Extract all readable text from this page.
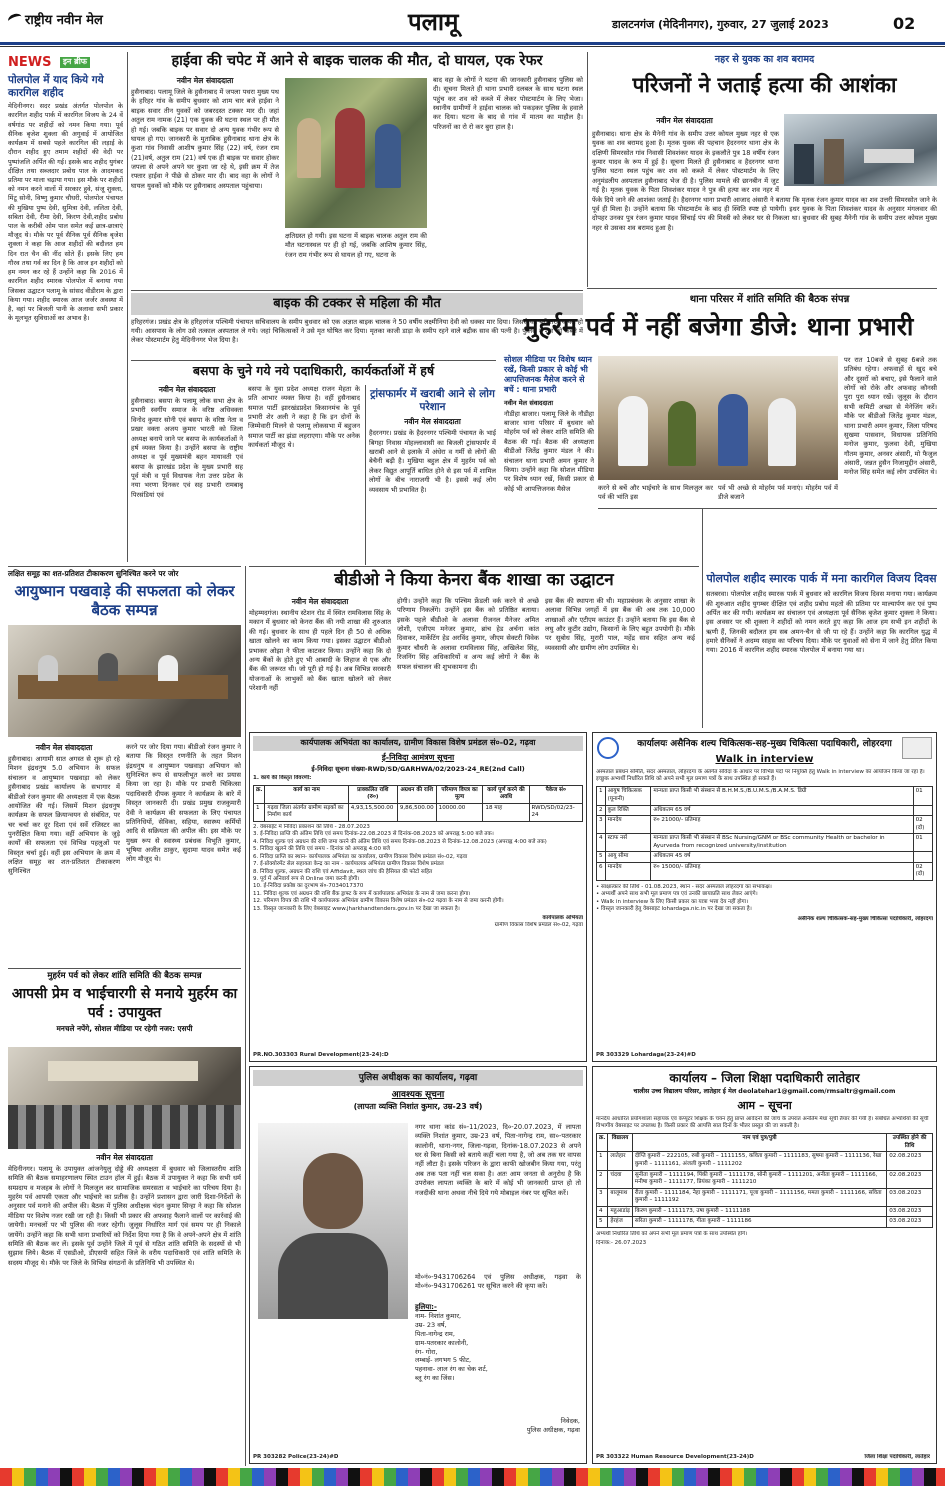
राष्ट्रीय नवीन मेल	पलामू	डालटनगंज (मेदिनीनगर), गुरुवार, 27 जुलाई 2023	02
NEWS	इन ब्रीफ
पोलपोल में याद किये गये कारगिल शहीद
मेदिनीनगर। सदर प्रखंड अंतर्गत पोलपोल के कारगिल शहीद पार्क में कारगिल विजय के 24 वें वर्षगांठ पर शहीदों को नमन किया गया। पूर्व सैनिक बृजेश शुक्ला की अगुवाई में आयोजित कार्यक्रम में सबसे पहले कारगिल की लड़ाई के दौरान शहीद हुए तमाम शहीदों की वेदी पर पुष्पांजलि अर्पित की गई। इसके बाद शहीद युगंबर दीक्षित तथा सब्जदार प्रबोध पाल के आदमकद प्रतिमा पर माला चढ़ाया गया। इस मौके पर शहीदों को नमन करने वालों में सरकार हुवे, संजू शुक्ला, मिंटू सोनी, विष्णु कुमार चौधरी, पोलपोल पंचायत की मुखिया पुष्प देवी, सुमित्रा देवी, ललिता देवी, सबिता देवी, रीमा देवी, किरण देवी,शहीद प्रबोध पाल के करीबी ओम पाल समेत कई छात्र-छात्राएं मौजूद थे। मौके पर पूर्व सैनिक पूर्व सैनिक बृजेश शुक्ला ने कहा कि आज शहीदों की बदौलत हम दिन रात चैन की नींद सोते हैं। इसके लिए हम गौरव तथा गर्व का दिन है कि आज इन शहीदों को हम नमन कर रहे हैं उन्होंने कहा कि 2016 में कारगिल शहीद स्मारक पोलपोल में बनाया गया जिसका उद्घाटन पलामू के सांसद वीडीराम के द्वारा किया गया। शहीद स्मारक आज जर्जर अवस्था में है, वहां पर बिजली पानी के अलावा सभी प्रकार के मूलभूत सुविधाओं का अभाव है।
हाईवा की चपेट में आने से बाइक चालक की मौत, दो घायल, एक रेफर
नवीन मेल संवाददाता
हुसैनाबाद। पलामू जिले के हुसैनाबाद में जपला पथरा मुख्य पथ के हरिहर गांव के समीप बुधवार को शाम चार बजे हाईवा ने बाइक सवार तीन युवकों को जबरदस्त टक्कर मार दी। जहां अतुल राम नामक (21) एक युवक की घटना स्थल पर ही मौत हो गई। जबकि बाइक पर सवार दो अन्य युवक गंभीर रूप से घायल हो गए। जानकारी के मुताबिक हुसैनाबाद थाना क्षेत्र के कुशा गांव निवासी आशीष कुमार सिंह (22) वर्ष, रंजन राम (21)वर्ष, अतुल राम (21) वर्ष एक ही बाइक पर सवार होकर जपला से अपने अपने घर कुशा जा रहे थे, इसी क्रम में तेज रफ्तार हाईवा ने पीछे से ठोकर मार दी। बाद वहा के लोगों ने घायल युवकों को मौके पर हुसैनाबाद अस्पताल पहुंचाया।
क्षतिग्रस्त हो गयी। इस घटना में बाइक चालक अतुल राम की मौत घटनास्थल पर ही हो गई, जबकि आशिष कुमार सिंह, रंजन राम गंभीर रूप से घायल हो गए, घटना के
बाद वहा के लोगों ने घटना की जानकारी हुसैनाबाद पुलिस को दी। सूचना मिलते ही थाना प्रभारी दलबल के साथ घटना स्थल पहुंच कर शव को कब्जे में लेकर पोस्टमार्टम के लिए भेजा। स्थानीय ग्रामीणों ने हाईवा चालक को पकड़कर पुलिस के हवाले कर दिया। घटना के बाद से गांव में मातम का माहौल है। परिजनों का रो रो कर बुरा हाल है।
नहर से युवक का शव बरामद
परिजनों ने जताई हत्या की आशंका
नवीन मेल संवाददाता
हुसैनाबाद। थाना क्षेत्र के मैनेनी गांव के समीप उत्तर कोयल मुख्य नहर से एक युवक का शव बरामद हुआ है। मृतक युवक की पहचान हैदरनगर थाना क्षेत्र के दक्षिणी सिमरसोत गांव निवासी शिवशंकर यादव के इकलौते पुत्र 18 वर्षीय रंजन कुमार यादव के रूप में हुई है। सूचना मिलते ही हुसैनाबाद व हैदरनगर थाना पुलिस घटना स्थल पहुंच कर शव को कब्जे में लेकर पोस्टमार्टम के लिए अनुमंडलीय अस्पताल हुसैनाबाद भेज दी है। पुलिस मामले की छानबीन में जुट गई है। मृतक युवक के पिता शिवशंकर यादव ने पुत्र की हत्या कर शव नहर में फेंके दिये जाने की आशंका जताई है। हैदरनगर थाना प्रभारी आजाद अंसारी ने बताया कि मृतक रंजन कुमार यादव का शव उत्तरी सिमरसोत जाने के पूर्व ही मिला है। उन्होंने बताया कि पोस्टमार्टम के बाद ही स्थिति स्पष्ट हो पायेगी। इधर युवक के पिता शिवशंकर यादव के अनुसार मंगलवार की दोपहर उनका पुत्र रंजन कुमार यादव सिंचाई पंप की मिस्त्री को लेकर घर से निकला था। बुधवार की सुबह मैनेनी गांव के समीप उत्तर कोयल मुख्य नहर से उसका शव बरामद हुआ है।
बाइक की टक्कर से महिला की मौत
हरिहरगंज। प्रखंड क्षेत्र के हरिहरगंज पश्चिमी पंचायत सचिवालय के समीप बुधवार को एक अज्ञात बाइक चालक ने 50 वर्षीय लक्ष्मीनिया देवी को धक्का मार दिया। जिससे वह बुरी तरह घायल हो गयी। आसपास के लोग उसे तत्काल अस्पताल ले गये। जहां चिकित्सकों ने उसे मृत घोषित कर दिया। मृतका काजी डाड़ा के समीप रहने वाले बद्रीक साव की पत्नी है। पुलिस ने शव को कब्जे में लेकर पोस्टमार्टम हेतु मेदिनीनगर भेज दिया है।
थाना परिसर में शांति समिति की बैठक संपन्न
मुहर्रम पर्व में नहीं बजेगा डीजे: थाना प्रभारी
सोशल मीडिया पर विशेष ध्यान रखें, किसी प्रकार से कोई भी आपत्तिजनक मैसेज करने से बचें : थाना प्रभारी
नवीन मेल संवाददाता
नौडीहा बाजार। पलामू जिले के नौडीहा बाजार थाना परिसर में बुधवार को मोहर्रम पर्व को लेकर शांति समिति की बैठक की गई। बैठक की अध्यक्षता बीडीओ जितेंद्र कुमार मंडल ने की। संचालन थाना प्रभारी अमन कुमार ने किया। उन्होंने कहा कि सोशल मीडिया पर विशेष ध्यान रखें, किसी प्रकार से कोई भी आपत्तिजनक मैसेज	करने से बचें और भाईचारे के साथ मिलजुल कर पर्व की भांति इस
पर्व भी अच्छे से मोहर्रम पर्व मनाएं। मोहर्रम पर्व में डीजे बजाने
पर रात 10बजे से सुबह 6बजे तक प्रतिबंध रहेगा। अफवाहों से खुद बचे और दूसरों को बचाए, इसे फैलाने वाले लोगों को रोके और अफवाह कौनसी पुरा पुरा ध्यान रखें। जुलूस के दौरान सभी कमिटी अच्छा से मेनेजिंग करें। मौके पर बीडीओ जितेंद्र कुमार मंडल, थाना प्रभारी अमन कुमार, जिला परिषद सुखमा पासवान, विधायक प्रतिनिधि मनोज कुमार, फुलवा देवी, मुखिया गौतम कुमार, अनवर अंसारी, मो फैजुल अंसारी, जन्नत हुसैन निजामुद्दीन अंसारी, मनोज सिंह समेत कई लोग उपस्थित थे।
बसपा के चुने गये नये पदाधिकारी, कार्यकर्ताओं में हर्ष
नवीन मेल संवाददाता
हुसैनाबाद। बसपा के पलामू लोक सभा क्षेत्र के प्रभारी स्वर्गीय समाज के वरिष्ठ अधिवक्ता विनोद कुमार सोनी एवं बसपा के वरिष्ठ नेता व प्रखर वक्ता अजय कुमार भारती को जिला अध्यक्ष बनाये जाने पर बसपा के कार्यकर्ताओं ने हर्ष व्यक्त किया है। उन्होंने बसपा के राष्ट्रीय अध्यक्ष व पूर्व मुख्यमंत्री बहन मायावती एवं बसपा के झारखंड प्रदेश के मुख्य प्रभारी सह पूर्व मंत्री व पूर्व विधायक नेता उत्तर प्रदेश के नया भरणा दिनकर एवं सह प्रभारी रामबाबू पिरसंडियां एवं
बसपा के युवा प्रदेश अध्यक्ष राजन मेहता के प्रति आभार व्यक्त किया है। वहीं हुसैनाबाद समाज पार्टी झारखंडप्रदेश किसानमंच के पूर्व प्रभारी शेर अली ने कहा है कि इन दोनों के जिम्मेवारी मिलने से पलामू लोकसभा में बहुजन समाज पार्टी का झंडा लहराएगा। मौके पर अनेक कार्यकर्ता मौजूद थे।
ट्रांसफार्मर में खराबी आने से लोग परेशान
नवीन मेल संवाददाता
हैदरनगर। प्रखंड के हैदरनगर पश्चिमी पंचायत के भाई बिगहा निवास मोहल्लावासी का बिजली ट्रांसफार्मर में खराबी आने से इलाके में अंधेरा व गर्मी से लोगों की बेचैनी बढ़ी है। मुखिया बहुल क्षेत्र में मुहर्रम पर्व को लेकर विद्युत आपूर्ति बाधित होने से इस पर्व में शामिल लोगों के बीच नाराजगी भी है। इससे कई लोग व्यवसाय भी प्रभावित है।
लक्षित समूह का शत-प्रतिशत टीकाकरण सुनिश्चित करने पर जोर
आयुष्मान पखवाड़े की सफलता को लेकर बैठक सम्पन्न
नवीन मेल संवाददाता
हुसैनाबाद। आगामी सात अगस्त से शुरू हो रहे मिशन इंद्रधनुष 5.0 अभियान के सफल संचालन व आयुष्मान पखवाड़ा को लेकर हुसैनाबाद प्रखंड कार्यालय के सभागार में बीडीओ रंजन कुमार की अध्यक्षता में एक बैठक आयोजित की गई। जिसमें मिशन इंद्रधनुष कार्यक्रम के सफल क्रियान्वयन से संबंधित, पर चर चर्चा कर दूर दिशा एवं सर्वे रजिस्टर का पुनरीक्षित किया गया। वहीं अभियान के जुड़े कार्यों की सफलता एवं विभिन्न पहलुओं पर विस्तृत चर्चा हुई। वहीं इस अभियान के क्रम में लक्षित समूह का शत-प्रतिशत टीकाकरण सुनिश्चित
करने पर जोर दिया गया। बीडीओ रंजन कुमार ने बताया कि विस्तृत रणनीति के तहत मिशन इंद्रधनुष व आयुष्मान पखवाड़ा अभियान को सुनिश्चित रूप से सफलीभूत करने का प्रयास किया जा रहा है। मौके पर प्रभारी चिकित्सा पदाधिकारी दीपक कुमार ने कार्यक्रम के बारे में विस्तृत जानकारी दी। प्रखंड प्रमुख राजकुमारी देवी ने कार्यक्रम की सफलता के लिए पंचायत प्रतिनिधियों, सेविका, सहिया, स्वास्थ्य कर्मियों आदि से सक्रियता की अपील की। इस मौके पर मुख्य रूप से स्वास्थ्य प्रबंधक विभूति कुमार, भूषिया अजीत ठाकुर, सुदामा यादव समेत कई लोग मौजूद थे।
बीडीओ ने किया केनरा बैंक शाखा का उद्घाटन
नवीन मेल संवाददाता
मोहम्मदगंज। स्थानीय स्टेशन रोड में स्थित रामविलास सिंह के मकान में बुधवार को केनरा बैंक की नयी शाखा की शुरुआत की गई। बुधवार के साथ ही पहले दिन ही 50 से अधिक खाता खोलने का काम किया गया। इसका उद्घाटन बीडीओ प्रभाकर ओझा ने फीता काटकर किया। उन्होंने कहा कि दो अन्य बैंकों के होते हुए भी आबादी के लिहाज से एक और बैंक की जरूरत थी। जो पूरी हो गई है। अब विभिन्न सरकारी योजनाओं के लाभुकों को बैंक खाता खोलने को लेकर परेशानी नहीं
होगी। उन्होंने कहा कि पश्चिम फ्रेंडली वर्क करने से अच्छे परिणाम निकलेंगे। उन्होंने इस बैंक को प्रतिष्ठित बताया। इसके पहले बीडीओ के अलावा रीजनल मैनेजर अमित जोशी, एजीएम मनेजर कुमार, ब्रांच हेड अर्चना कांत दिवाकर, मार्केटिंग हेड अरविंद कुमार, जीएम सेक्टरी विवेक कुमार चौधरी के अलावा रामविलास सिंह, अखिलेश सिंह, रिजनिंग सिंह अधिकारियों व अन्य कई लोगों ने बैंक के सफल संचालन की शुभकामना दी।
इस बैंक की स्थापना की थी। महाप्रबंधक के अनुसार शाखा के अलावा विभिन्न जगहों में इस बैंक की अब तक 10,000 शाखाओं और एटीएम काउंटर हैं। उन्होंने बताया कि इस बैंक से लघु और कुटीर उद्योग, किसानों के लिए बहुत उपयोगी है। मौके पर सुबोध सिंह, मुरारी पाल, महेंद्र साव सहित अन्य कई व्यवसायी और ग्रामीण लोग उपस्थित थे।
पोलपोल शहीद स्मारक पार्क में मना कारगिल विजय दिवस
सतबरवा। पोलपोल शहीद स्मारक पार्क में बुधवार को कारगिल विजय दिवस मनाया गया। कार्यक्रम की शुरुआत शहीद युगम्बर दीक्षित एवं शहीद प्रबोध महतो की प्रतिमा पर माल्यार्पण कर एवं पुष्प अर्पित कर की गयी। कार्यक्रम का संचालन एवं अध्यक्षता पूर्व सैनिक बृजेश कुमार शुक्ला ने किया। इस अवसर पर श्री शुक्ला ने शहीदों को नमन करते हुए कहा कि आज हम सभी इन शहीदों के ऋणी हैं, जिनकी बदौलत हम सब अमन-चैन से जी पा रहे हैं। उन्होंने कहा कि कारगिल युद्ध में हमारे सैनिकों ने अदम्य साहस का परिचय दिया। मौके पर युवाओं को सेना में जाने हेतु प्रेरित किया गया। 2016 में कारगिल शहीद स्मारक पोलपोल में बनाया गया था।
कार्यपालक अभियंता का कार्यालय, ग्रामीण विकास विशेष प्रमंडल सं०-02, गढ़वा
ई-निविदा आमंत्रण सूचना
ई-निविदा सूचना संख्या-RWD/SD/GARHWA/02/2023-24_RE(2nd Call)
1. कार्य की विस्तृत विवरणी:
क्र.	कार्य का नाम	प्राक्कलित राशि (रु०)	अग्रधन की राशि	परिमाण विपत्र का मूल्य	कार्य पूर्ण करने की अवधि	पैकेज सं०
1	गढ़वा जिला अंतर्गत ग्रामीण सड़कों का निर्माण कार्य	4,93,15,500.00	9,86,500.00	10000.00	18 माह	RWD/SD/02/23-24
2. वेबसाईट में निविदा प्रकाशन की तिथि - 28.07.2023
3. ई-निविदा प्राप्ति की अंतिम तिथि एवं समय दिनांक-22.08.2023 से दिनांक-08.2023 को अपराह्न 5:00 बजे तक।
4. निविदा शुल्क एवं अग्रधन की राशि जमा करने की अंतिम तिथि एवं समय दिनांक-08.2023 से दिनांक-12.08.2023 (अपराह्न 4:00 बजे तक)
5. निविदा खुलने की तिथि एवं समय - दिनांक को अपराह्न 4:00 बजे
6. निविदा प्राप्ति का स्थान- कार्यपालक अभियंता का कार्यालय, ग्रामीण विकास विशेष प्रमंडल सं०-02, गढ़वा
7. ई-प्रोक्योरमेंट सेल सहायता केन्द्र का नाम - कार्यपालक अभियंता ग्रामीण विकास विशेष प्रमंडल
8. निविदा शुल्क, अग्रधन की राशि एवं Affidavit, स्थल जांच की हैसियत की फोटो सहित
9. पूर्व में अनिवार्य रूप से Online जमा करनी होगी।
10. ई-निविदा प्रकोष्ठ का दूरभाष सं०-7034017370
11. निविदा शुल्क एवं अग्रधन की राशि बैंक ड्राफ्ट के रूप में कार्यपालक अभियंता के नाम से जमा करना होगा।
12. परिमाण विपत्र की राशि भी कार्यपालक अभियंता ग्रामीण विकास विशेष प्रमंडल सं०-02 गढ़वा के नाम से जमा करनी होगी।
13. विस्तृत जानकारी के लिए वेबसाइट www.jharkhandtenders.gov.in पर देखा जा सकता है।
कार्यपालक अभियंता
ग्रामीण विकास विशेष प्रमंडल सं०-02, गढ़वा
PR.NO.303303 Rural Development(23-24):D
कार्यालयः असैनिक शल्य चिकित्सक-सह-मुख्य चिकित्सा पदाधिकारी, लोहरदगा
Walk in interview
अस्पताल प्रबंधन समिति, सदर अस्पताल, लोहरदगा के अंतर्गत संविदा के आधार पर विभिन्न पदों पर नियुक्ति हेतु Walk in interview का आयोजन किया जा रहा है। इच्छुक अभ्यर्थी निर्धारित तिथि को अपने सभी मूल प्रमाण पत्रों के साथ उपस्थित हो सकते हैं।
1	आयुष चिकित्सक (यूनानी)	मान्यता प्राप्त किसी भी संस्थान से B.H.M.S./B.U.M.S./B.A.M.S. डिग्री	01
2	कुल रिक्ति	अधिकतम 65 वर्ष	
3	मानदेय	रु० 21000/- प्रतिमाह	02 (दो)
4	स्टाफ नर्स	मान्यता प्राप्त किसी भी संस्थान से BSc Nursing/GNM or BSc community Health or bachelor in Ayurveda from recognized university/institution	01
5	आयु सीमा	अधिकतम 45 वर्ष	
6	मानदेय	रु० 15000/- प्रतिमाह	02 (दो)
• साक्षात्कार की तिथि - 01.08.2023, स्थान - सदर अस्पताल लोहरदगा का सभाकक्ष।
• अभ्यर्थी अपने साथ सभी मूल प्रमाण पत्र एवं उनकी छायाप्रति साथ लेकर आएंगे।
• Walk in interview के लिए किसी प्रकार का यात्रा भत्ता देय नहीं होगा।
• विस्तृत जानकारी हेतु वेबसाइट lohardaga.nic.in पर देखा जा सकता है।
असैनिक शल्य चिकित्सक-सह-मुख्य चिकित्सा पदाधिकारी, लोहरदगा
PR 303329 Lohardaga(23-24)#D
मुहर्रम पर्व को लेकर शांति समिति की बैठक सम्पन्न
आपसी प्रेम व भाईचारगी से मनाये मुहर्रम का पर्व : उपायुक्त
मनचले नपेंगे, सोशल मीडिया पर रहेगी नजर: एसपी
नवीन मेल संवाददाता
मेदिनीनगर। पलामू के उपायुक्त आंजनेयुलु दोड्डे की अध्यक्षता में बुधवार को जिलास्तरीय शांति समिति की बैठक समाहरणालय स्थित टाउन हॉल में हुई। बैठक में उपायुक्त ने कहा कि सभी धर्म सम्प्रदाय व मजहब के लोगों ने मिलजुल कर सामाजिक समरसता व भाईचारे का परिचय दिया है। मुहर्रम पर्व आपसी एकता और भाईचारे का प्रतीक है। उन्होंने प्रशासन द्वारा जारी दिशा-निर्देशों के अनुसार पर्व मनाने की अपील की। बैठक में पुलिस अधीक्षक चंदन कुमार सिन्हा ने कहा कि सोशल मीडिया पर विशेष नजर रखी जा रही है। किसी भी प्रकार की अफवाह फैलाने वालों पर कार्रवाई की जायेगी। मनचलों पर भी पुलिस की नजर रहेगी। जुलूस निर्धारित मार्ग एवं समय पर ही निकाले जायेंगे। उन्होंने कहा कि सभी थाना प्रभारियों को निर्देश दिया गया है कि वे अपने-अपने क्षेत्र में शांति समिति की बैठक कर लें। इसके पूर्व उन्होंने जिले में पूर्व से गठित शांति समिति के सदस्यों से भी सुझाव लिये। बैठक में एसडीओ, डीएसपी सहित जिले के वरीय पदाधिकारी एवं शांति समिति के सदस्य मौजूद थे। मौके पर जिले के विभिन्न संगठनों के प्रतिनिधि भी उपस्थित थे।
पुलिस अधीक्षक का कार्यालय, गढ़वा
आवश्यक सूचना
(लापता व्यक्ति निशांत कुमार, उम्र-23 वर्ष)
नगर थाना कांड सं०-11/2023, दि०-20.07.2023, में लापता व्यक्ति निशांत कुमार, उम्र-23 वर्ष, पिता-नागेन्द्र राम, सा०-पतरकार कालोनी, थाना-नगर, जिला-गढ़वा, दिनांक-18.07.2023 से अपने घर से बिना किसी को बताये कहीं चला गया है, जो अब तक घर वापस नहीं लौटा है। इसके परिजन के द्वारा काफी खोजबीन किया गया, परंतु अब तक पता नहीं चल सका है। अतः आम जनता से अनुरोध है कि उपरोक्त लापता व्यक्ति के बारे में कोई भी जानकारी प्राप्त हो तो नजदीकी थाना अथवा नीचे दिये गये मोबाइल नंबर पर सूचित करें।
मो०नं०-9431706264 एवं पुलिस अधीक्षक, गढ़वा के मो०नं०-9431706261 पर सूचित करने की कृपा करें।
हुलिया:-
नाम- निशांत कुमार,
उम्र- 23 वर्ष,
पिता-नागेन्द्र राम,
ग्राम-पतरकार कालोनी,
रंग- गोरा,
लम्बाई- लगभग 5 फीट,
पहनावा- लाल रंग का चेक शर्ट,
ब्लू रंग का जिंस।
निवेदक,
पुलिस अधीक्षक, गढ़वा
PR 303282 Police(23-24)#D
कार्यालय – जिला शिक्षा पदाधिकारी लातेहार
चालीस उच्च विद्यालय परिसर, लातेहार ई मेल deolatehar1@gmail.com/rmsaltr@gmail.com
आम – सूचना
मानदेय आधारित प्रयोगशाला सहायक एवं कंप्यूटर शिक्षक के चयन हेतु प्राप्त आवेदनों की जांच के उपरांत अनंतिम मेधा सूची तैयार की गयी है। संबंधित अभ्यर्थियों की सूची विभागीय वेबसाइट पर उपलब्ध है। किसी प्रकार की आपत्ति सात दिनों के भीतर प्रस्तुत की जा सकती है।
क्र.	विद्यालय	नाम एवं पुत्र/पुत्री	उपस्थित होने की तिथि
1	लातेहार	दीप्ति कुमारी – 222105, रुबी कुमारी – 1111155, कविता कुमारी – 1111183, सुषमा कुमारी – 1111136, रेखा कुमारी – 1111161, अंजली कुमारी – 1111202	02.08.2023
2	चंदवा	सुनीता कुमारी – 1111194, पिंकी कुमारी – 1111178, सोनी कुमारी – 1111201, अनीता कुमारी – 1111166, मनीषा कुमारी – 1111177, प्रियंका कुमारी – 1111210	02.08.2023
3	बालूमाथ	रीता कुमारी – 1111184, नेहा कुमारी – 1111171, पूजा कुमारी – 1111156, ममता कुमारी – 1111166, सविता कुमारी – 1111192	03.08.2023
4	महुआडांड़	किरण कुमारी – 1111173, उषा कुमारी – 1111188	03.08.2023
5	हेरहंज	सरिता कुमारी – 1111178, गीता कुमारी – 1111186	03.08.2023
अभ्यर्थी निर्धारित तिथि को अपने सभी मूल प्रमाण पत्रों के साथ उपस्थित होंगे।
दिनांक:- 26.07.2023
PR 303322 Human Resource Development(23-24)D	जिला शिक्षा पदाधिकारी, लातेहार
